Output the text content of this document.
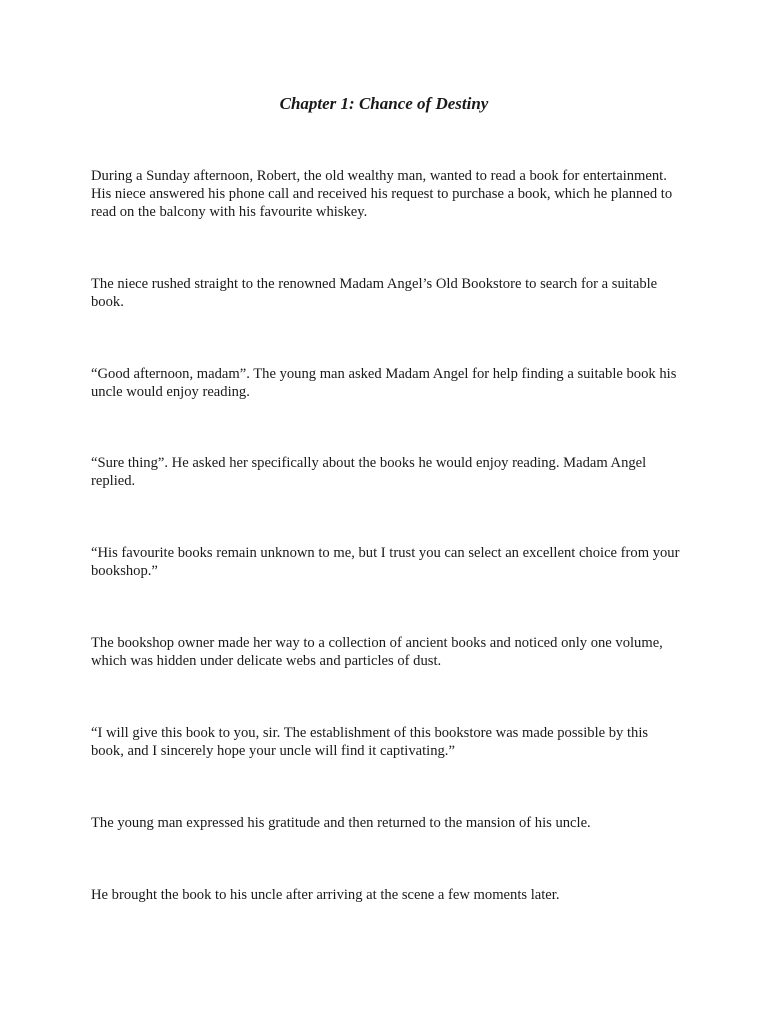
Chapter 1: Chance of Destiny

During a Sunday afternoon, Robert, the old wealthy man, wanted to read a book for entertainment. His niece answered his phone call and received his request to purchase a book, which he planned to read on the balcony with his favourite whiskey.

The niece rushed straight to the renowned Madam Angel’s Old Bookstore to search for a suitable book.

“Good afternoon, madam”. The young man asked Madam Angel for help finding a suitable book his uncle would enjoy reading.

“Sure thing”. He asked her specifically about the books he would enjoy reading. Madam Angel replied.

“His favourite books remain unknown to me, but I trust you can select an excellent choice from your bookshop.”

The bookshop owner made her way to a collection of ancient books and noticed only one volume, which was hidden under delicate webs and particles of dust.

“I will give this book to you, sir. The establishment of this bookstore was made possible by this book, and I sincerely hope your uncle will find it captivating.”

The young man expressed his gratitude and then returned to the mansion of his uncle.

He brought the book to his uncle after arriving at the scene a few moments later.
